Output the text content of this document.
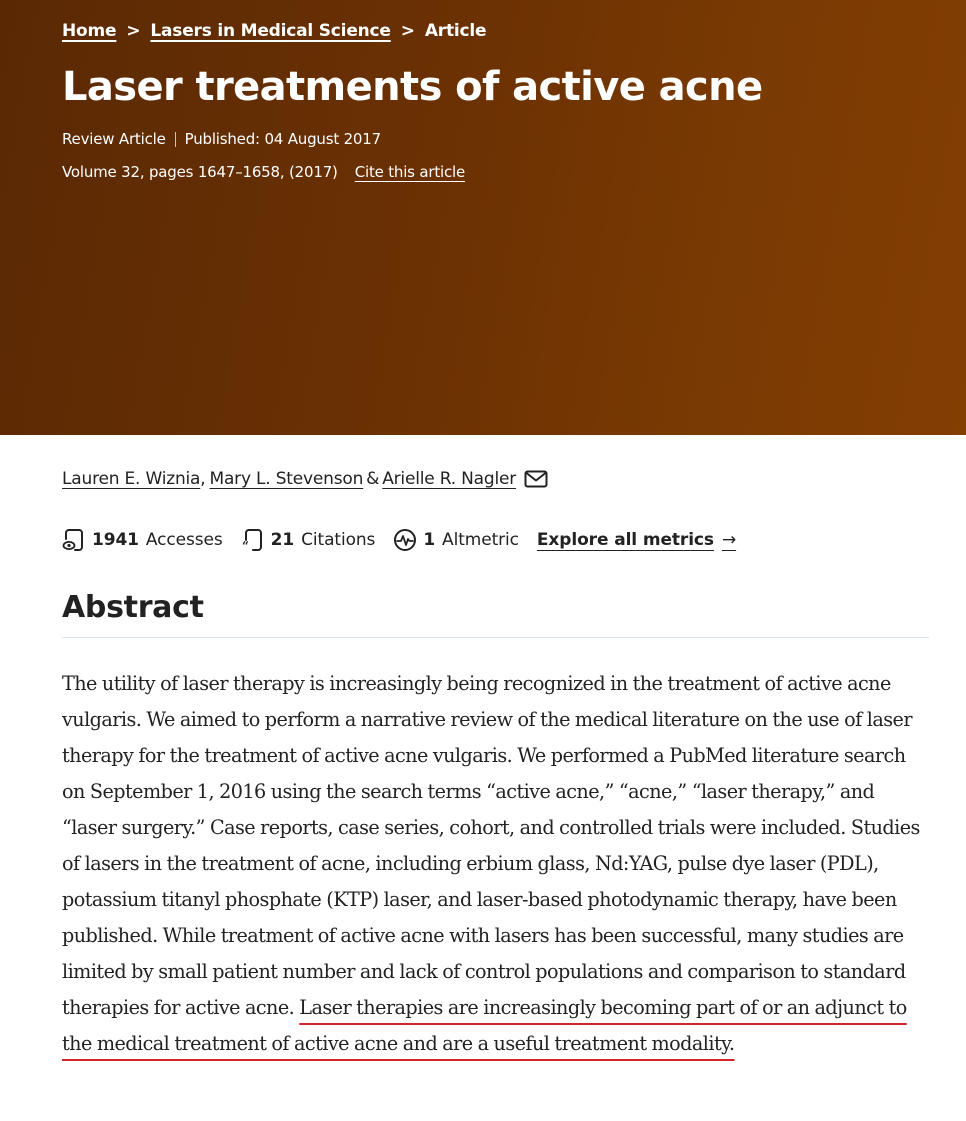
Home > Lasers in Medical Science > Article
Laser treatments of active acne
Review Article Published: 04 August 2017
Volume 32, pages 1647–1658, (2017) Cite this article
Lauren E. Wiznia , Mary L. Stevenson & Arielle R. Nagler
1941 Accesses “ 21 Citations	1 Altmetric Explore all metrics →
Abstract

The utility of laser therapy is increasingly being recognized in the treatment of active acne vulgaris. We aimed to perform a narrative review of the medical literature on the use of laser therapy for the treatment of active acne vulgaris. We performed a PubMed literature search on September 1, 2016 using the search terms “active acne,” “acne,” “laser therapy,” and “laser surgery.” Case reports, case series, cohort, and controlled trials were included. Studies of lasers in the treatment of acne, including erbium glass, Nd:YAG, pulse dye laser (PDL), potassium titanyl phosphate (KTP) laser, and laser-based photodynamic therapy, have been published. While treatment of active acne with lasers has been successful, many studies are limited by small patient number and lack of control populations and comparison to standard therapies for active acne. Laser therapies are increasingly becoming part of or an adjunct to the medical treatment of active acne and are a useful treatment modality.
